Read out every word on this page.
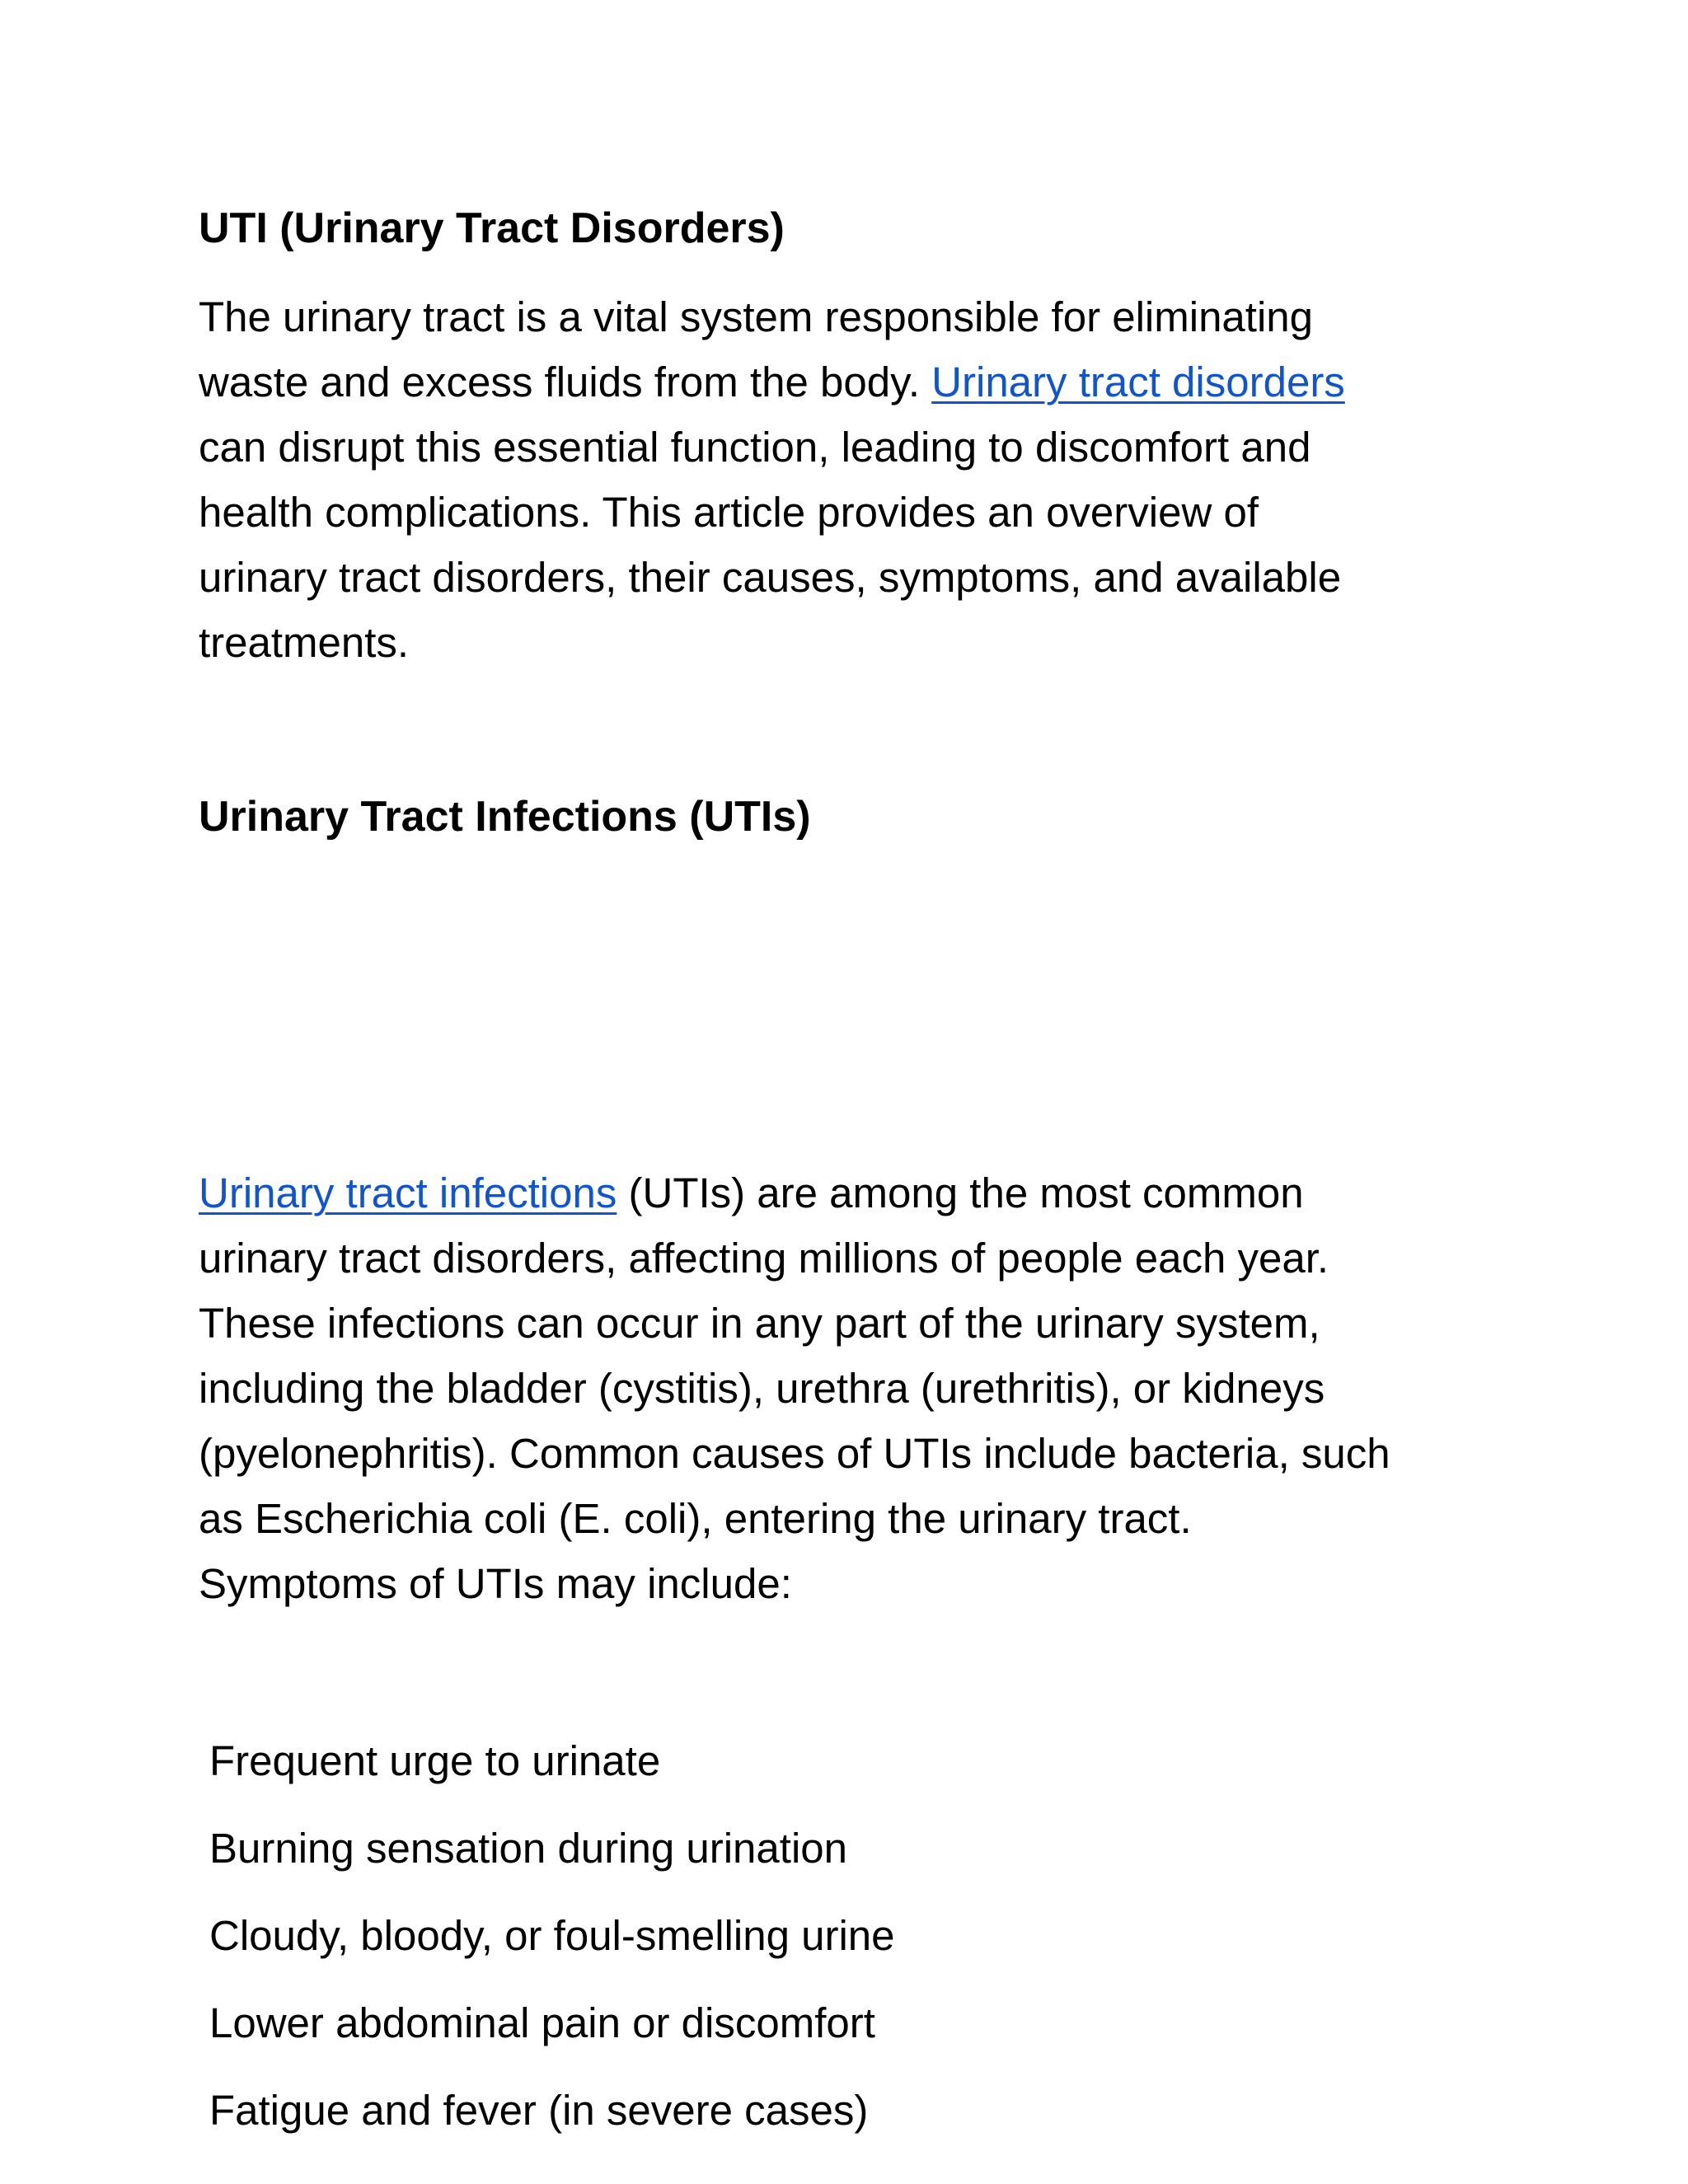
UTI (Urinary Tract Disorders)

The urinary tract is a vital system responsible for eliminating
waste and excess fluids from the body. Urinary tract disorders
can disrupt this essential function, leading to discomfort and
health complications. This article provides an overview of
urinary tract disorders, their causes, symptoms, and available
treatments.

Urinary Tract Infections (UTIs)

Urinary tract infections (UTIs) are among the most common
urinary tract disorders, affecting millions of people each year.
These infections can occur in any part of the urinary system,
including the bladder (cystitis), urethra (urethritis), or kidneys
(pyelonephritis). Common causes of UTIs include bacteria, such
as Escherichia coli (E. coli), entering the urinary tract.
Symptoms of UTIs may include:

Frequent urge to urinate
Burning sensation during urination
Cloudy, bloody, or foul-smelling urine
Lower abdominal pain or discomfort
Fatigue and fever (in severe cases)
